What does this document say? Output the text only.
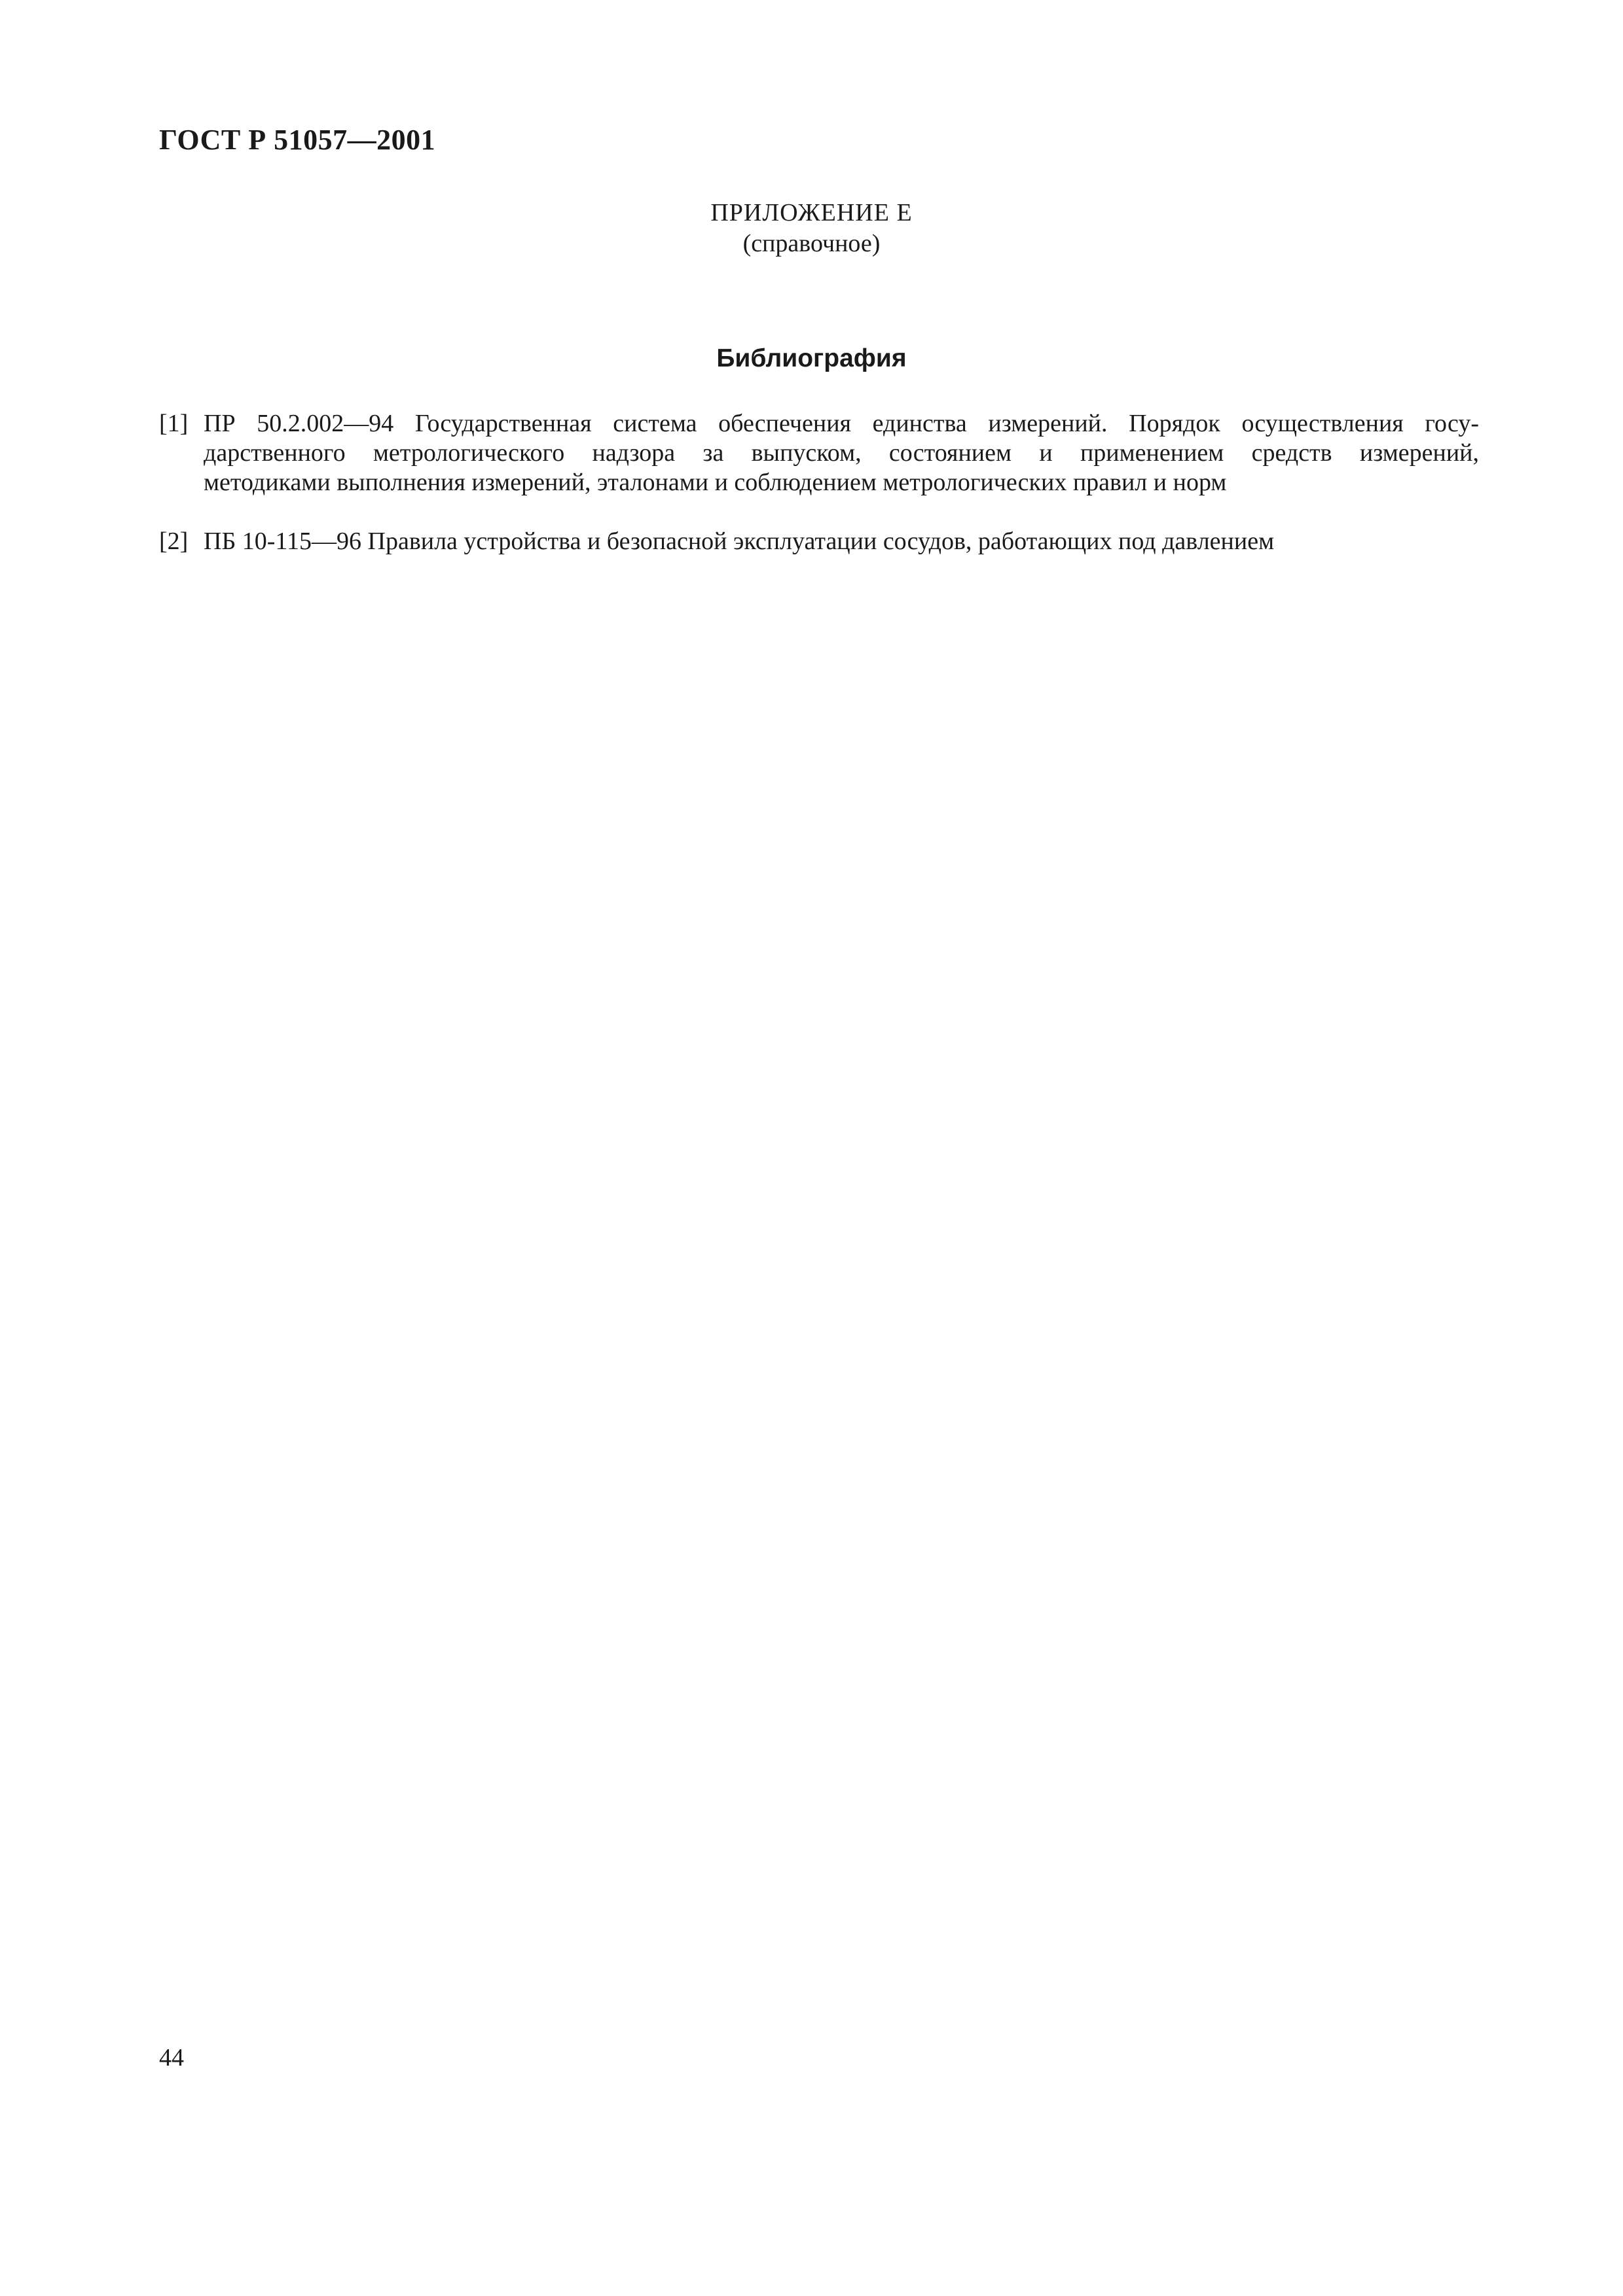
ГОСТ Р 51057—2001
ПРИЛОЖЕНИЕ Е
(справочное)
Библиография
[1] ПР 50.2.002—94 Государственная система обеспечения единства измерений. Порядок осуществления госу-
дарственного метрологического надзора за выпуском, состоянием и применением средств измерений,
методиками выполнения измерений, эталонами и соблюдением метрологических правил и норм
[2] ПБ 10-115—96 Правила устройства и безопасной эксплуатации сосудов, работающих под давлением
44
